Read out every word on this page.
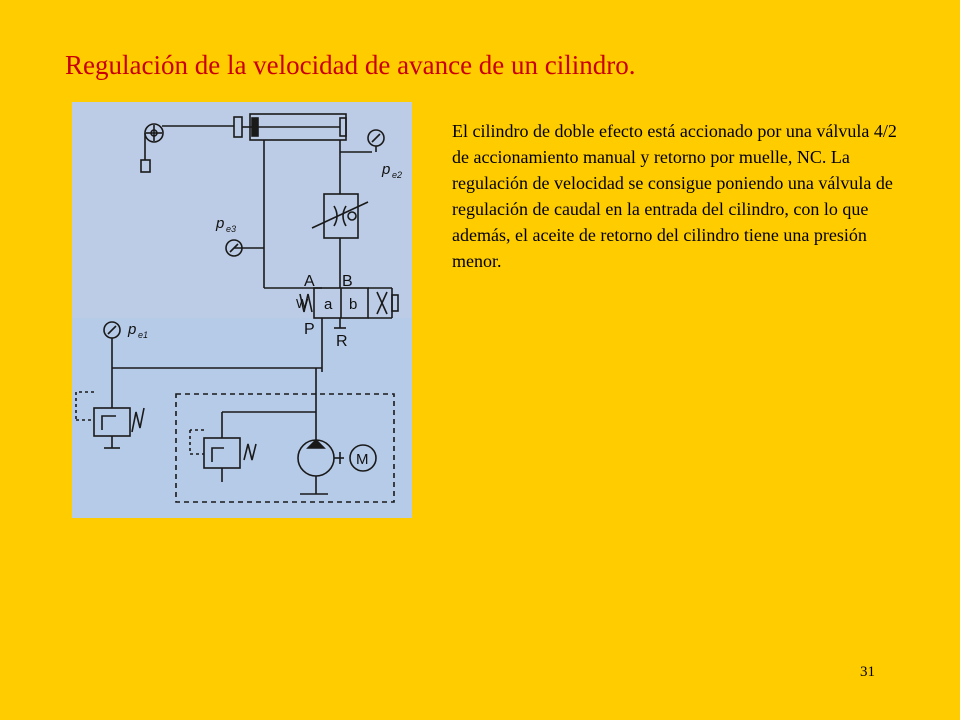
Regulación de la velocidad de avance de un cilindro.
p e2
p e3
p e1
A B
P
R
a b
W
M

El cilindro de doble efecto está accionado por una válvula 4/2 de accionamiento manual y retorno por muelle, NC. La regulación de velocidad se consigue poniendo una válvula de regulación de caudal en la entrada del cilindro, con lo que además, el aceite de retorno del cilindro tiene una presión menor.

31
